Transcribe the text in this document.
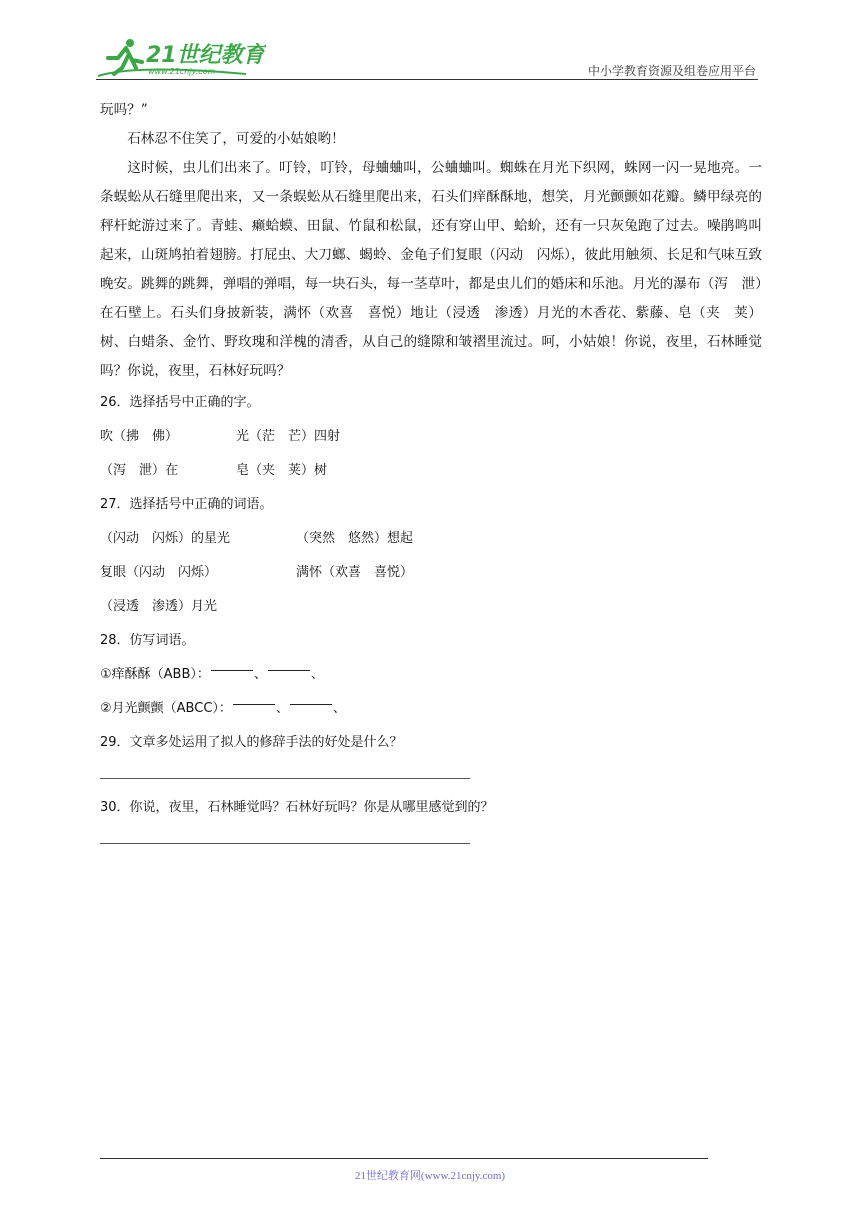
21世纪教育
www.21cnjy.com	中小学教育资源及组卷应用平台

玩吗？”

石林忍不住笑了，可爱的小姑娘哟！

这时候，虫儿们出来了。叮铃，叮铃，母蛐蛐叫，公蛐蛐叫。蜘蛛在月光下织网，蛛网一闪一晃地亮。一条蜈蚣从石缝里爬出来，又一条蜈蚣从石缝里爬出来，石头们痒酥酥地，想笑，月光颤颤如花瓣。鳞甲绿亮的秤杆蛇游过来了。青蛙、癞蛤蟆、田鼠、竹鼠和松鼠，还有穿山甲、蛤蚧，还有一只灰兔跑了过去。噪鹃鸣叫起来，山斑鸠拍着翅膀。打屁虫、大刀螂、蝎蛉、金龟子们复眼（闪动　闪烁），彼此用触须、长足和气味互致晚安。跳舞的跳舞，弹唱的弹唱，每一块石头，每一茎草叶，都是虫儿们的婚床和乐池。月光的瀑布（泻　泄）在石壁上。石头们身披新装，满怀（欢喜　喜悦）地让（浸透　渗透）月光的木香花、紫藤、皂（夹　荚）树、白蜡条、金竹、野玫瑰和洋槐的清香，从自己的缝隙和皱褶里流过。呵，小姑娘！你说，夜里，石林睡觉吗？你说，夜里，石林好玩吗？

26．选择括号中正确的字。

吹（拂　佛）	光（茫　芒）四射
（泻　泄）在	皂（夹　荚）树

27．选择括号中正确的词语。

（闪动　闪烁）的星光	（突然　悠然）想起
复眼（闪动　闪烁）	满怀（欢喜　喜悦）
（浸透　渗透）月光

28．仿写词语。

①痒酥酥（ABB）：	、	、
②月光颤颤（ABCC）：	、	、

29．文章多处运用了拟人的修辞手法的好处是什么？

30．你说，夜里，石林睡觉吗？石林好玩吗？你是从哪里感觉到的？

21世纪教育网(www.21cnjy.com)
